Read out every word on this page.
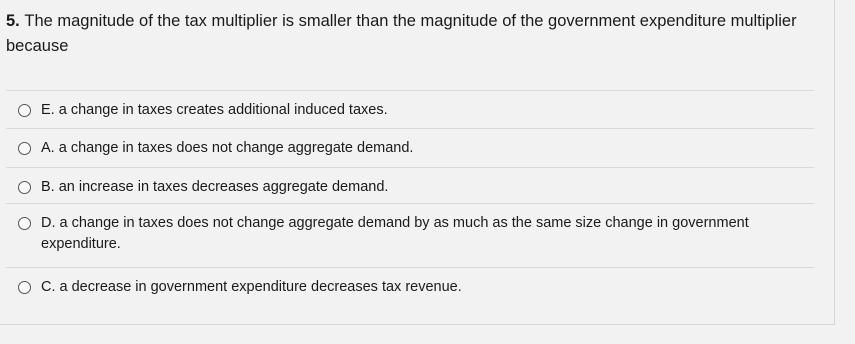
5. The magnitude of the tax multiplier is smaller than the magnitude of the government expenditure multiplier because
E. a change in taxes creates additional induced taxes.
A. a change in taxes does not change aggregate demand.
B. an increase in taxes decreases aggregate demand.
D. a change in taxes does not change aggregate demand by as much as the same size change in government expenditure.
C. a decrease in government expenditure decreases tax revenue.
